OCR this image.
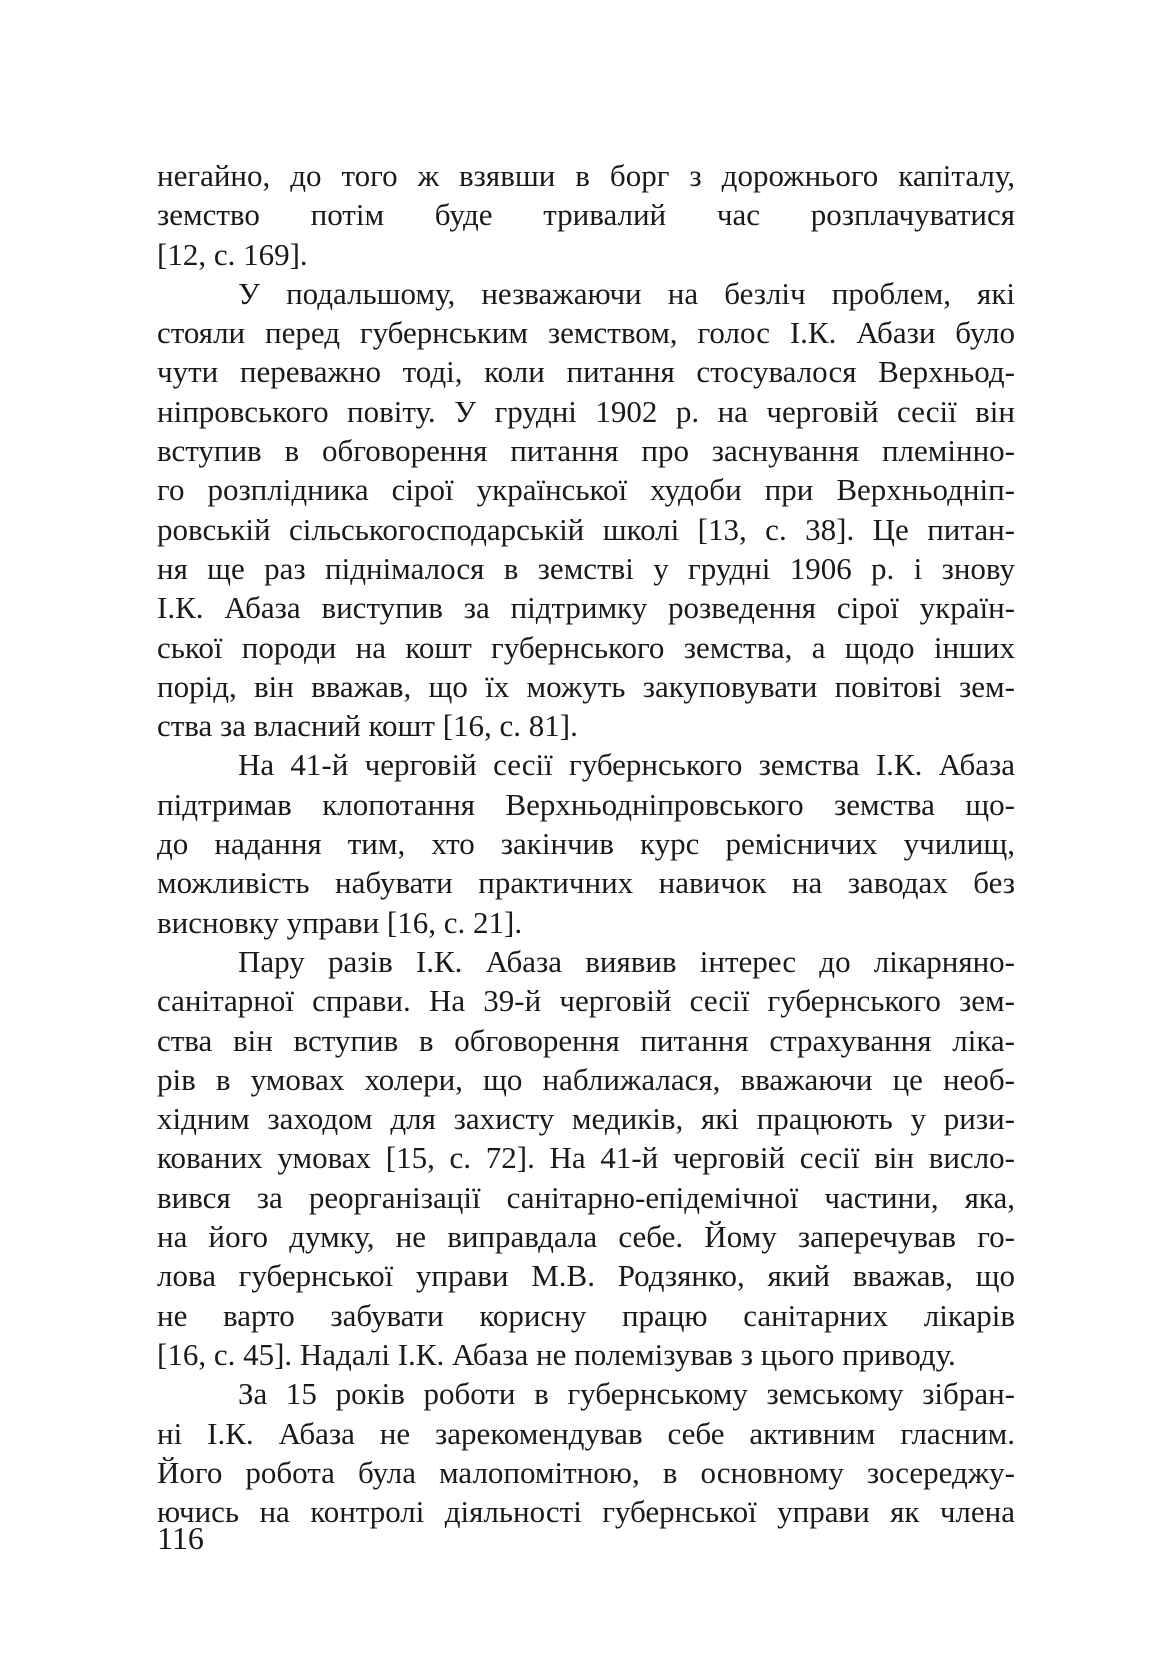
негайно, до того ж взявши в борг з дорожнього капіталу,
земство потім буде тривалий час розплачуватися
[12, с. 169].
У подальшому, незважаючи на безліч проблем, які
стояли перед губернським земством, голос І.К. Абази було
чути переважно тоді, коли питання стосувалося Верхньод-
ніпровського повіту. У грудні 1902 р. на черговій сесії він
вступив в обговорення питання про заснування племінно-
го розплідника сірої української худоби при Верхньодніп-
ровській сільськогосподарській школі [13, с. 38]. Це питан-
ня ще раз піднімалося в земстві у грудні 1906 р. і знову
І.К. Абаза виступив за підтримку розведення сірої україн-
ської породи на кошт губернського земства, а щодо інших
порід, він вважав, що їх можуть закуповувати повітові зем-
ства за власний кошт [16, с. 81].
На 41-й черговій сесії губернського земства І.К. Абаза
підтримав клопотання Верхньодніпровського земства що-
до надання тим, хто закінчив курс ремісничих училищ,
можливість набувати практичних навичок на заводах без
висновку управи [16, с. 21].
Пару разів І.К. Абаза виявив інтерес до лікарняно-
санітарної справи. На 39-й черговій сесії губернського зем-
ства він вступив в обговорення питання страхування ліка-
рів в умовах холери, що наближалася, вважаючи це необ-
хідним заходом для захисту медиків, які працюють у ризи-
кованих умовах [15, с. 72]. На 41-й черговій сесії він висло-
вився за реорганізації санітарно-епідемічної частини, яка,
на його думку, не виправдала себе. Йому заперечував го-
лова губернської управи М.В. Родзянко, який вважав, що
не варто забувати корисну працю санітарних лікарів
[16, с. 45]. Надалі І.К. Абаза не полемізував з цього приводу.
За 15 років роботи в губернському земському зібран-
ні І.К. Абаза не зарекомендував себе активним гласним.
Його робота була малопомітною, в основному зосереджу-
ючись на контролі діяльності губернської управи як члена
116
